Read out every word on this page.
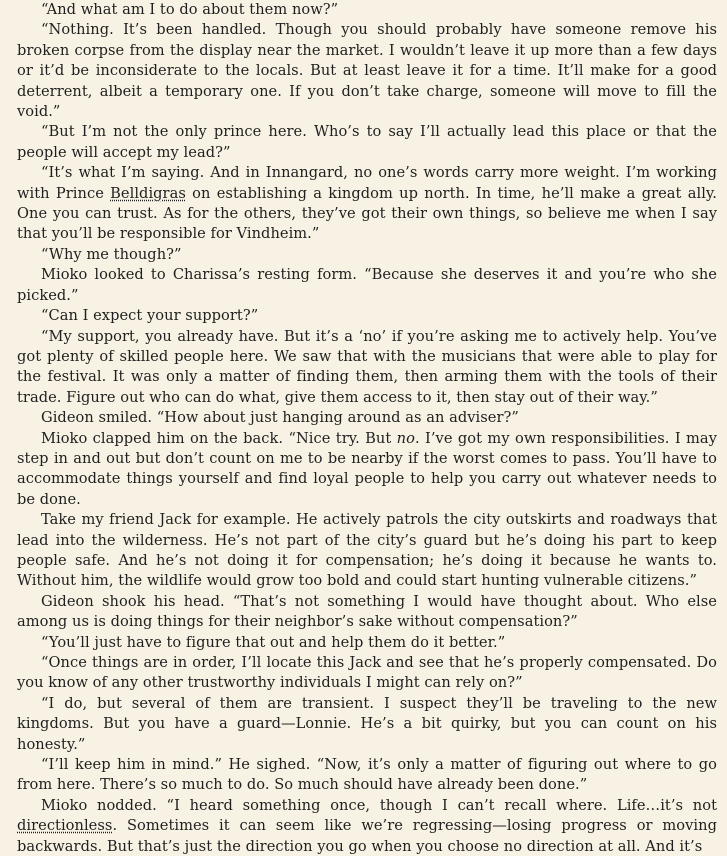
“And what am I to do about them now?”

“Nothing. It’s been handled. Though you should probably have someone remove his broken corpse from the display near the market. I wouldn’t leave it up more than a few days or it’d be inconsiderate to the locals. But at least leave it for a time. It’ll make for a good deterrent, albeit a temporary one. If you don’t take charge, someone will move to fill the void.”

“But I’m not the only prince here. Who’s to say I’ll actually lead this place or that the people will accept my lead?”

“It’s what I’m saying. And in Innangard, no one’s words carry more weight. I’m working with Prince Belldigras on establishing a kingdom up north. In time, he’ll make a great ally. One you can trust. As for the others, they’ve got their own things, so believe me when I say that you’ll be responsible for Vindheim.”

“Why me though?”

Mioko looked to Charissa’s resting form. “Because she deserves it and you’re who she picked.”

“Can I expect your support?”

“My support, you already have. But it’s a ‘no’ if you’re asking me to actively help. You’ve got plenty of skilled people here. We saw that with the musicians that were able to play for the festival. It was only a matter of finding them, then arming them with the tools of their trade. Figure out who can do what, give them access to it, then stay out of their way.”

Gideon smiled. “How about just hanging around as an adviser?”

Mioko clapped him on the back. “Nice try. But no. I’ve got my own responsibilities. I may step in and out but don’t count on me to be nearby if the worst comes to pass. You’ll have to accommodate things yourself and find loyal people to help you carry out whatever needs to be done.

Take my friend Jack for example. He actively patrols the city outskirts and roadways that lead into the wilderness. He’s not part of the city’s guard but he’s doing his part to keep people safe. And he’s not doing it for compensation; he’s doing it because he wants to. Without him, the wildlife would grow too bold and could start hunting vulnerable citizens.”

Gideon shook his head. “That’s not something I would have thought about. Who else among us is doing things for their neighbor’s sake without compensation?”

“You’ll just have to figure that out and help them do it better.”

“Once things are in order, I’ll locate this Jack and see that he’s properly compensated. Do you know of any other trustworthy individuals I might can rely on?”

“I do, but several of them are transient. I suspect they’ll be traveling to the new kingdoms. But you have a guard—Lonnie. He’s a bit quirky, but you can count on his honesty.”

“I’ll keep him in mind.” He sighed. “Now, it’s only a matter of figuring out where to go from here. There’s so much to do. So much should have already been done.”

Mioko nodded. “I heard something once, though I can’t recall where. Life…it’s not directionless. Sometimes it can seem like we’re regressing—losing progress or moving backwards. But that’s just the direction you go when you choose no direction at all. And it’s
